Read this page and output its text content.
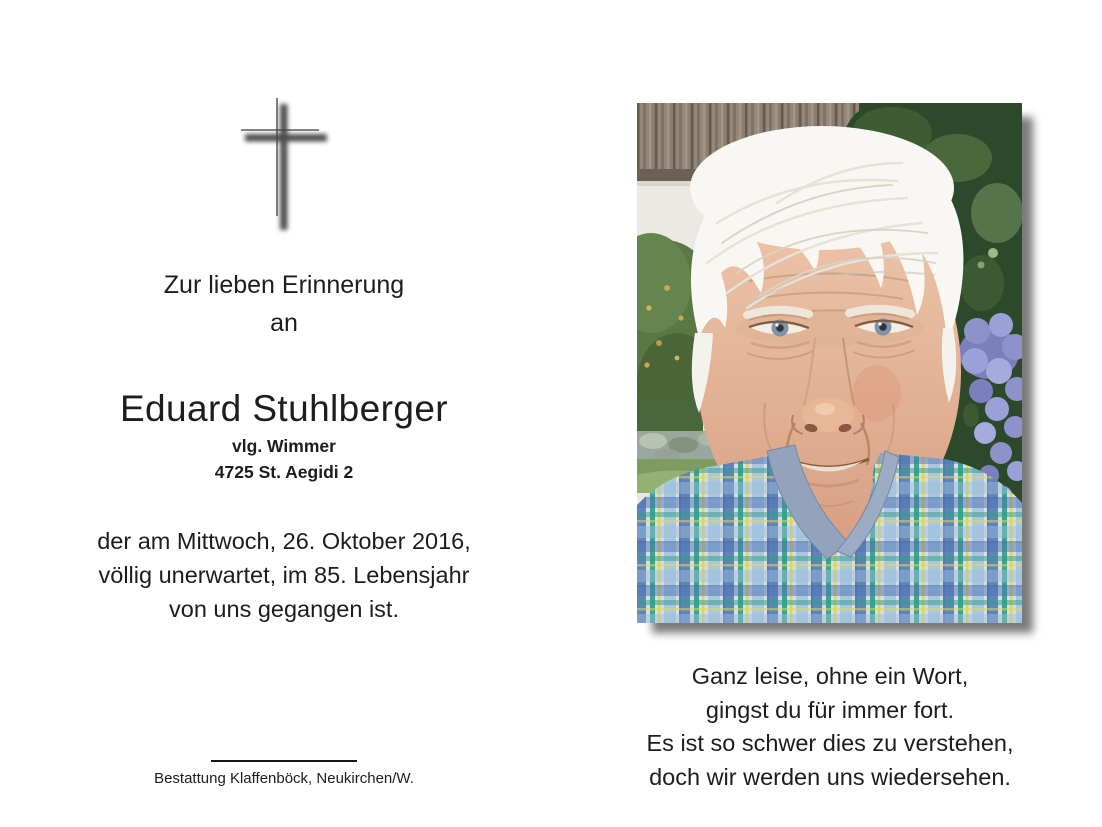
Zur lieben Erinnerung
an
Eduard Stuhlberger
vlg. Wimmer
4725 St. Aegidi 2
der am Mittwoch, 26. Oktober 2016,
völlig unerwartet, im 85. Lebensjahr
von uns gegangen ist.
Bestattung Klaffenböck, Neukirchen/W.
Ganz leise, ohne ein Wort,
gingst du für immer fort.
Es ist so schwer dies zu verstehen,
doch wir werden uns wiedersehen.
